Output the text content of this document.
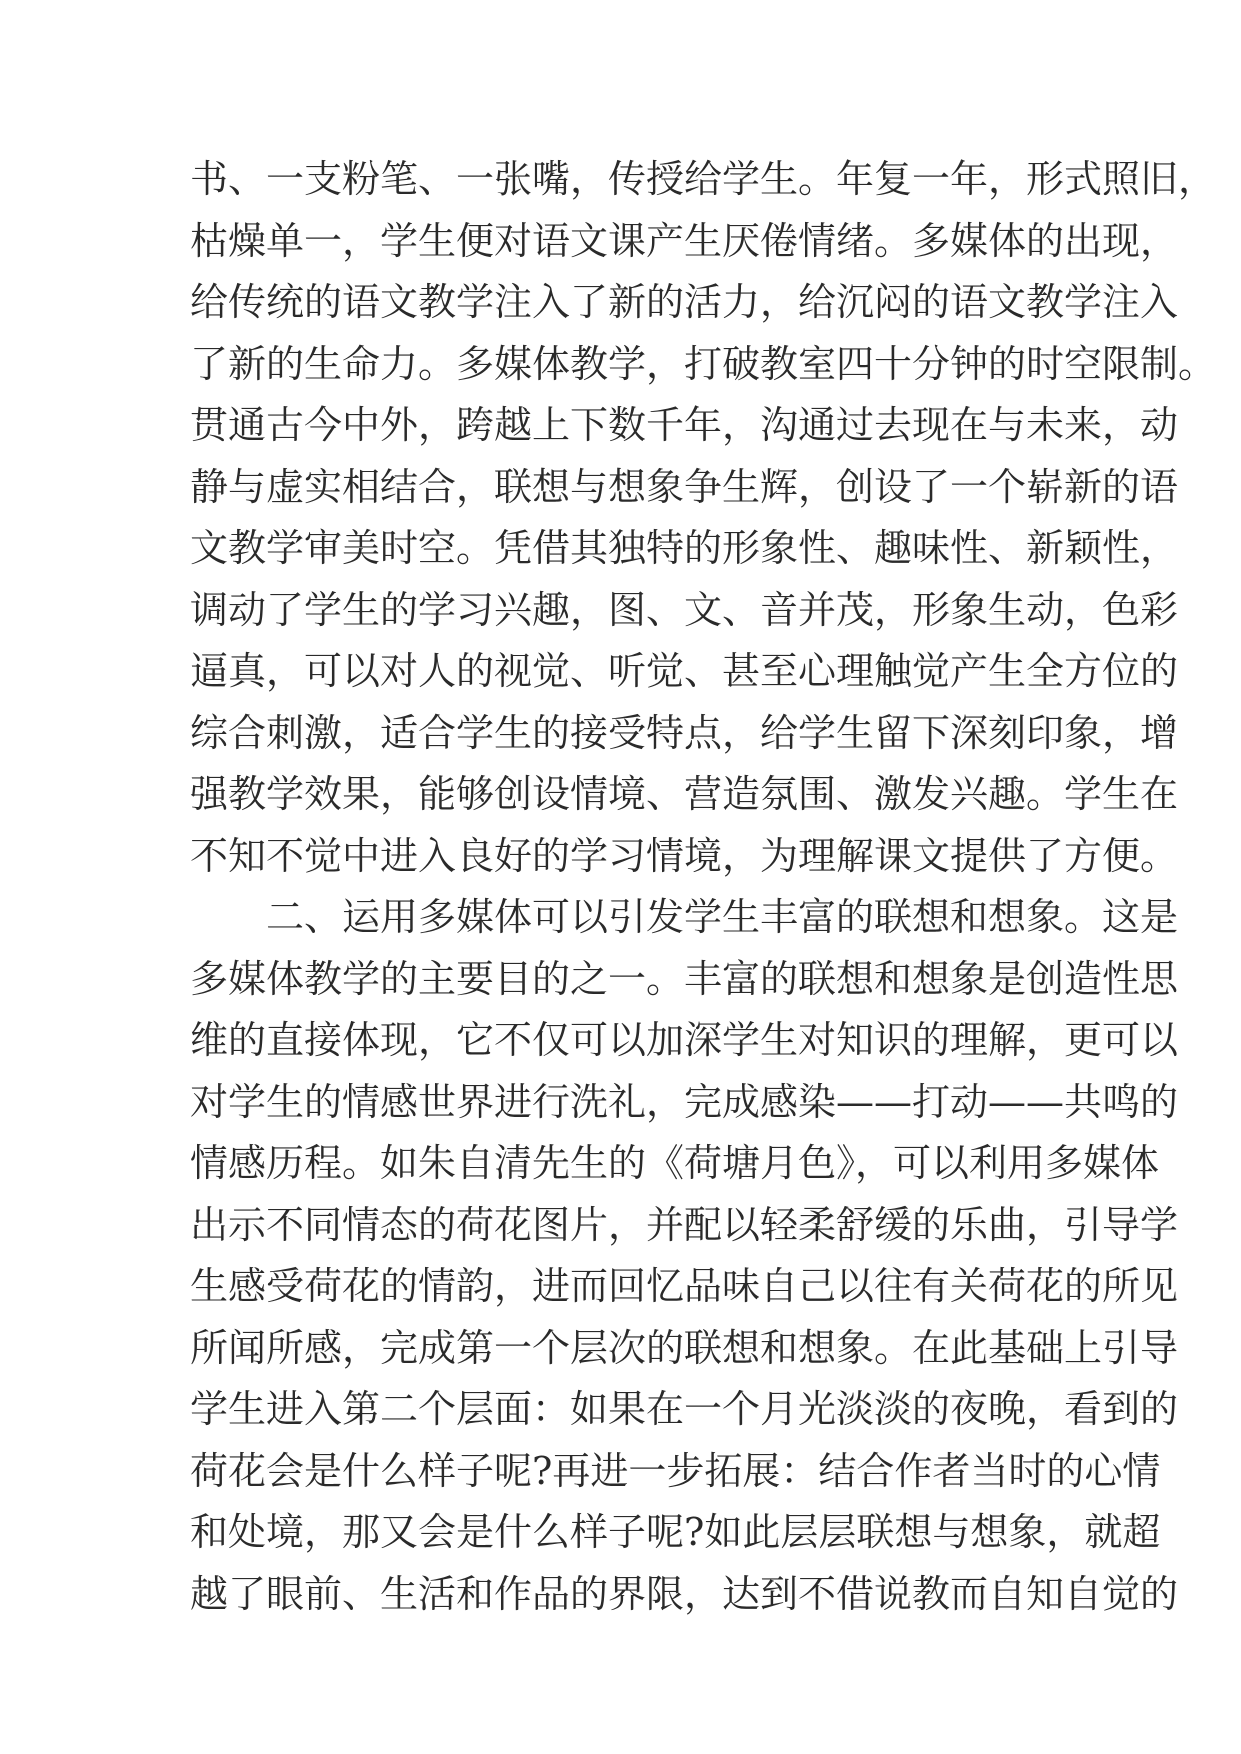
书、一支粉笔、一张嘴，传授给学生。年复一年，形式照旧，

枯燥单一，学生便对语文课产生厌倦情绪。多媒体的出现，

给传统的语文教学注入了新的活力，给沉闷的语文教学注入

了新的生命力。多媒体教学，打破教室四十分钟的时空限制。

贯通古今中外，跨越上下数千年，沟通过去现在与未来，动

静与虚实相结合，联想与想象争生辉，创设了一个崭新的语

文教学审美时空。凭借其独特的形象性、趣味性、新颖性，

调动了学生的学习兴趣，图、文、音并茂，形象生动，色彩

逼真，可以对人的视觉、听觉、甚至心理触觉产生全方位的

综合刺激，适合学生的接受特点，给学生留下深刻印象，增

强教学效果，能够创设情境、营造氛围、激发兴趣。学生在

不知不觉中进入良好的学习情境，为理解课文提供了方便。

二、运用多媒体可以引发学生丰富的联想和想象。这是

多媒体教学的主要目的之一。丰富的联想和想象是创造性思

维的直接体现，它不仅可以加深学生对知识的理解，更可以

对学生的情感世界进行洗礼，完成感染——打动——共鸣的

情感历程。如朱自清先生的《荷塘月色》，可以利用多媒体

出示不同情态的荷花图片，并配以轻柔舒缓的乐曲，引导学

生感受荷花的情韵，进而回忆品味自己以往有关荷花的所见

所闻所感，完成第一个层次的联想和想象。在此基础上引导

学生进入第二个层面：如果在一个月光淡淡的夜晚，看到的

荷花会是什么样子呢?再进一步拓展：结合作者当时的心情

和处境，那又会是什么样子呢?如此层层联想与想象，就超

越了眼前、生活和作品的界限，达到不借说教而自知自觉的
